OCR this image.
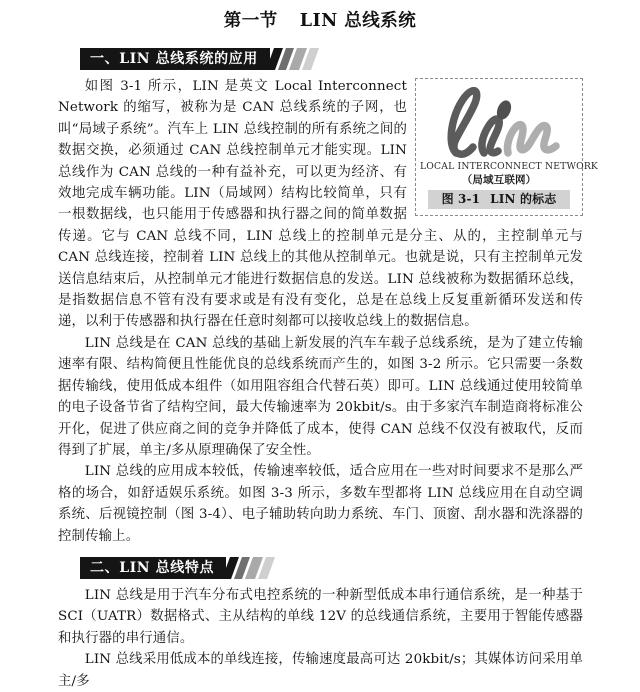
第一节 LIN 总线系统
一、LIN 总线系统的应用
LOCAL INTERCONNECT NETWORK
（局域互联网）
图 3-1 LIN 的标志

如图 3-1 所示，LIN 是英文 Local Interconnect Network 的缩写，被称为是 CAN 总线系统的子网，也叫“局域子系统”。汽车上 LIN 总线控制的所有系统之间的数据交换，必须通过 CAN 总线控制单元才能实现。LIN 总线作为 CAN 总线的一种有益补充，可以更为经济、有效地完成车辆功能。LIN（局域网）结构比较简单，只有一根数据线，也只能用于传感器和执行器之间的简单数据传递。它与 CAN 总线不同，LIN 总线上的控制单元是分主、从的，主控制单元与 CAN 总线连接，控制着 LIN 总线上的其他从控制单元。也就是说，只有主控制单元发送信息结束后，从控制单元才能进行数据信息的发送。LIN 总线被称为数据循环总线，是指数据信息不管有没有要求或是有没有变化，总是在总线上反复重新循环发送和传递，以利于传感器和执行器在任意时刻都可以接收总线上的数据信息。

LIN 总线是在 CAN 总线的基础上新发展的汽车车载子总线系统，是为了建立传输速率有限、结构简便且性能优良的总线系统而产生的，如图 3-2 所示。它只需要一条数据传输线，使用低成本组件（如用阻容组合代替石英）即可。LIN 总线通过使用较简单的电子设备节省了结构空间，最大传输速率为 20kbit/s。由于多家汽车制造商将标准公开化，促进了供应商之间的竞争并降低了成本，使得 CAN 总线不仅没有被取代，反而得到了扩展，单主/多从原理确保了安全性。

LIN 总线的应用成本较低，传输速率较低，适合应用在一些对时间要求不是那么严格的场合，如舒适娱乐系统。如图 3-3 所示，多数车型都将 LIN 总线应用在自动空调系统、后视镜控制（图 3-4）、电子辅助转向助力系统、车门、顶窗、刮水器和洗涤器的控制传输上。

二、LIN 总线特点

LIN 总线是用于汽车分布式电控系统的一种新型低成本串行通信系统，是一种基于 SCI（UATR）数据格式、主从结构的单线 12V 的总线通信系统，主要用于智能传感器和执行器的串行通信。

LIN 总线采用低成本的单线连接，传输速度最高可达 20kbit/s；其媒体访问采用单主/多
